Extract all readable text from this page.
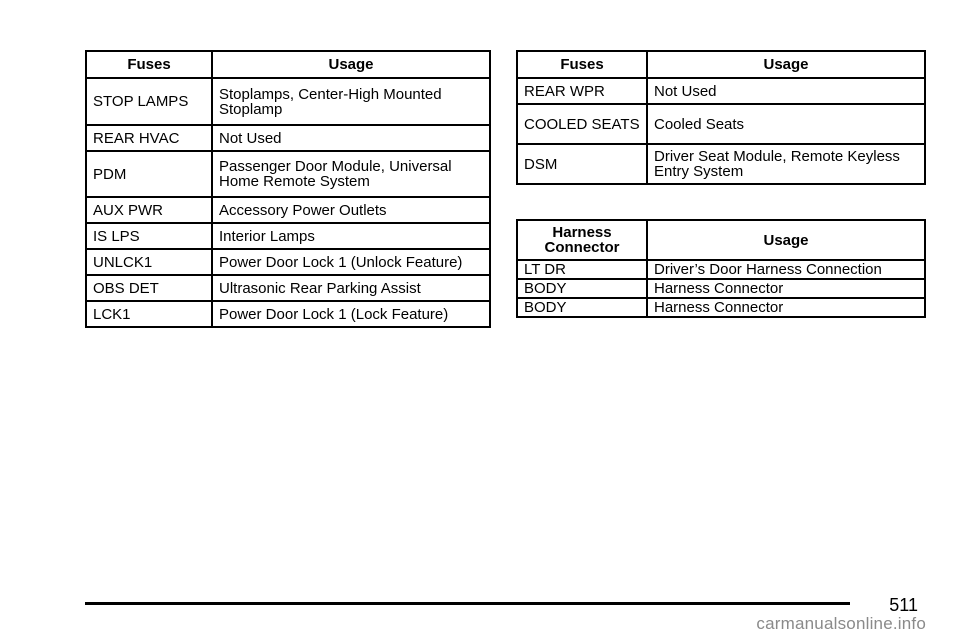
Fuses	Usage
STOP LAMPS	Stoplamps, Center-High Mounted Stoplamp
REAR HVAC	Not Used
PDM	Passenger Door Module, Universal Home Remote System
AUX PWR	Accessory Power Outlets
IS LPS	Interior Lamps
UNLCK1	Power Door Lock 1 (Unlock Feature)
OBS DET	Ultrasonic Rear Parking Assist
LCK1	Power Door Lock 1 (Lock Feature)
Fuses	Usage
REAR WPR	Not Used
COOLED SEATS	Cooled Seats
DSM	Driver Seat Module, Remote Keyless Entry System
Harness Connector	Usage
LT DR	Driver’s Door Harness Connection
BODY	Harness Connector
BODY	Harness Connector
511
carmanualsonline.info
